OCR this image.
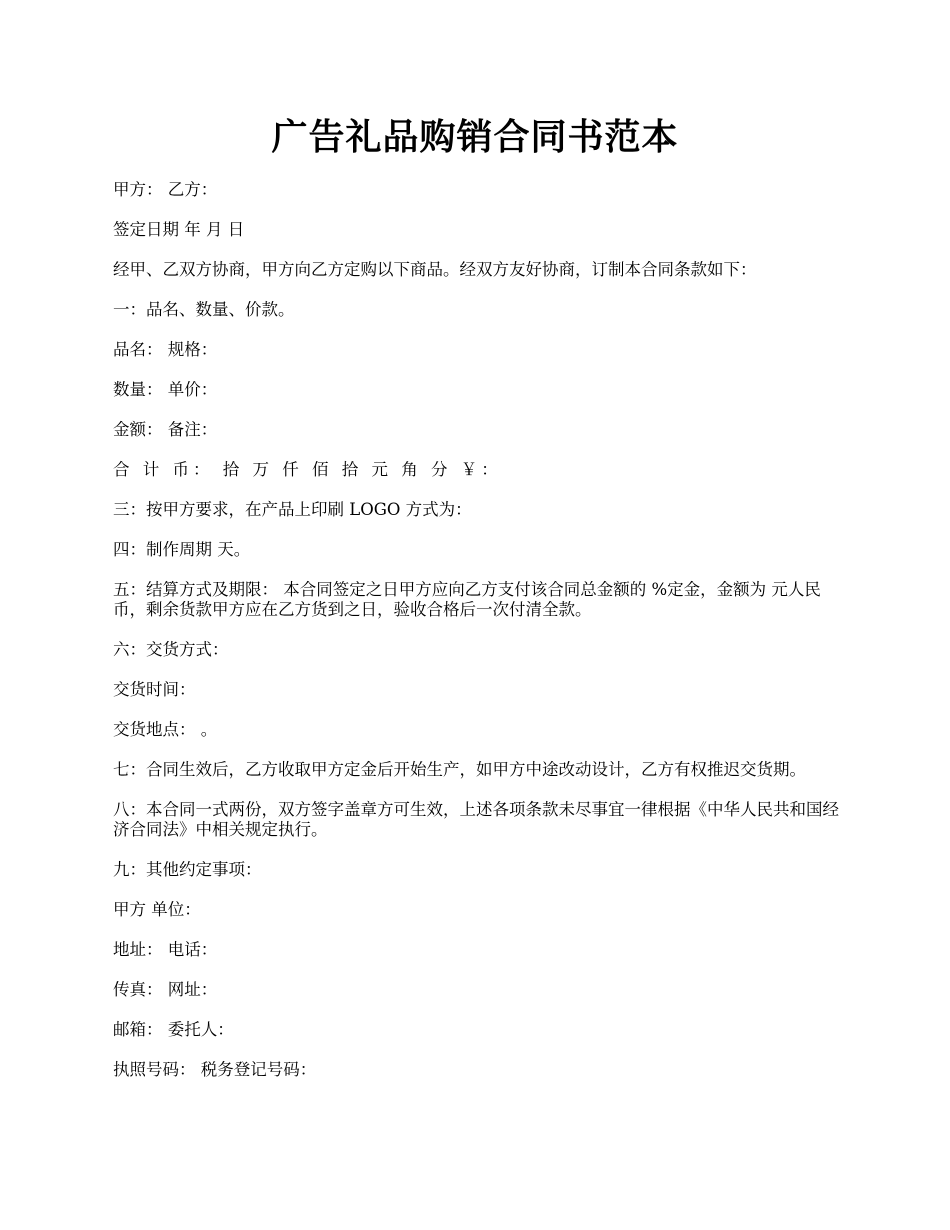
广告礼品购销合同书范本

甲方： 乙方：

签定日期 年 月 日

经甲、乙双方协商，甲方向乙方定购以下商品。经双方友好协商，订制本合同条款如下：

一：品名、数量、价款。

品名： 规格：

数量： 单价：

金额： 备注：

合 计 币： 拾 万 仟 佰 拾 元 角 分 ￥：

三：按甲方要求，在产品上印刷 LOGO 方式为：

四：制作周期 天。

五：结算方式及期限： 本合同签定之日甲方应向乙方支付该合同总金额的 %定金，金额为 元人民币，剩余货款甲方应在乙方货到之日，验收合格后一次付清全款。

六：交货方式：

交货时间：

交货地点： 。

七：合同生效后，乙方收取甲方定金后开始生产，如甲方中途改动设计，乙方有权推迟交货期。

八：本合同一式两份，双方签字盖章方可生效，上述各项条款未尽事宜一律根据《中华人民共和国经济合同法》中相关规定执行。

九：其他约定事项：

甲方 单位：

地址： 电话：

传真： 网址：

邮箱： 委托人：

执照号码： 税务登记号码：
